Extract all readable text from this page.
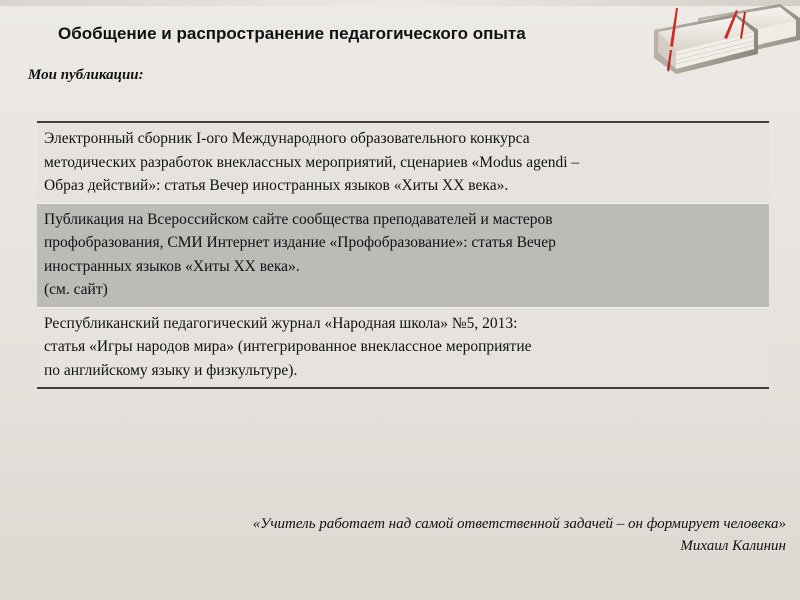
Обобщение и распространение педагогического опыта
Мои публикации:
Электронный сборник I-ого Международного образовательного конкурса
методических разработок внеклассных мероприятий, сценариев «Modus agendi –
Образ действий»: статья Вечер иностранных языков «Хиты XX века».
Публикация на Всероссийском сайте сообщества преподавателей и мастеров
профобразования, СМИ Интернет издание «Профобразование»: статья Вечер
иностранных языков «Хиты XX века».
(см. сайт)
Республиканский педагогический журнал «Народная школа» №5, 2013:
статья «Игры народов мира» (интегрированное внеклассное мероприятие
по английскому языку и физкультуре).
«Учитель работает над самой ответственной задачей – он формирует человека»
Михаил Калинин
